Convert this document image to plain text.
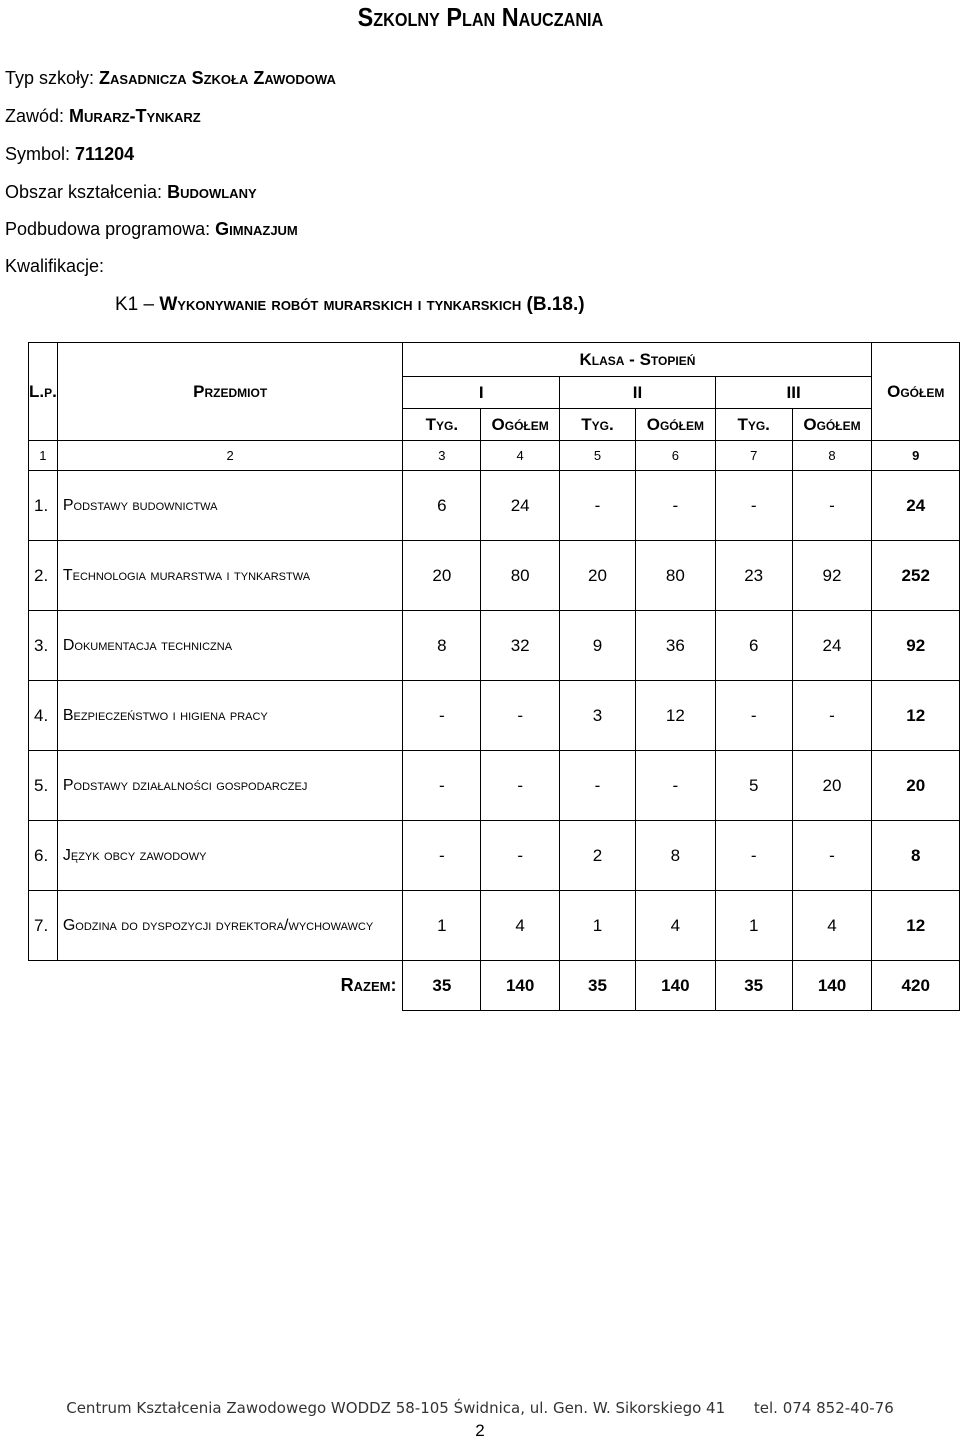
Szkolny Plan Nauczania
Typ szkoły: Zasadnicza Szkoła Zawodowa
Zawód: Murarz-Tynkarz
Symbol: 711204
Obszar kształcenia: Budowlany
Podbudowa programowa: Gimnazjum
Kwalifikacje:
K1 – Wykonywanie robót murarskich i tynkarskich (B.18.)
L.p.	Przedmiot	Klasa - Stopień						Ogółem
		I		II		III		
		Tyg.	Ogółem	Tyg.	Ogółem	Tyg.	Ogółem	
1	2	3	4	5	6	7	8	9
1.	Podstawy budownictwa	6	24	-	-	-	-	24
2.	Technologia murarstwa i tynkarstwa	20	80	20	80	23	92	252
3.	Dokumentacja techniczna	8	32	9	36	6	24	92
4.	Bezpieczeństwo i higiena pracy	-	-	3	12	-	-	12
5.	Podstawy działalności gospodarczej	-	-	-	-	5	20	20
6.	Język obcy zawodowy	-	-	2	8	-	-	8
7.	Godzina do dyspozycji dyrektora/wychowawcy	1	4	1	4	1	4	12
	Razem:	35	140	35	140	35	140	420
Centrum Kształcenia Zawodowego WODDZ 58-105 Świdnica, ul. Gen. W. Sikorskiego 41 tel. 074 852-40-76
2
